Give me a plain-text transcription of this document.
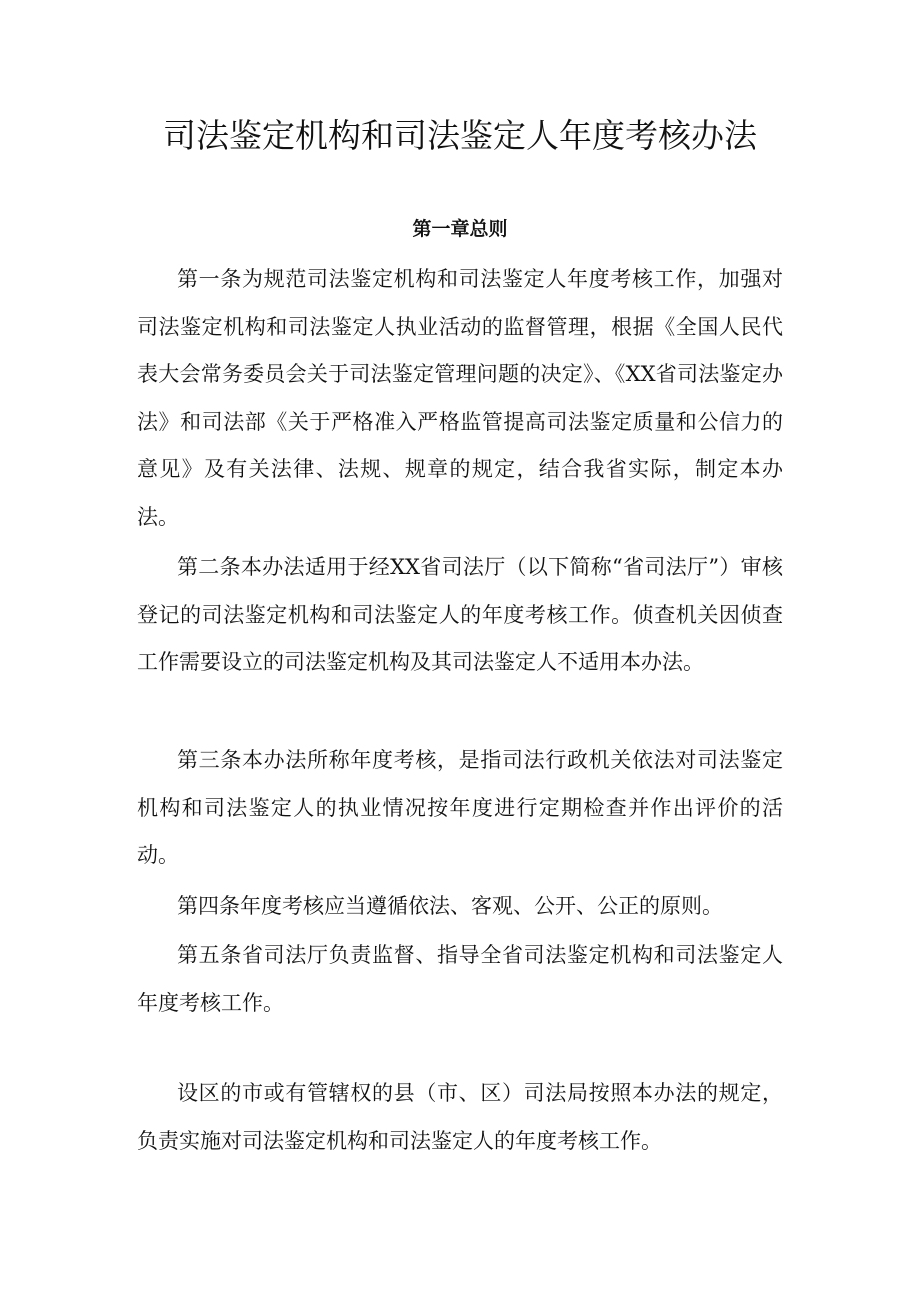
司法鉴定机构和司法鉴定人年度考核办法
第一章总则

第一条为规范司法鉴定机构和司法鉴定人年度考核工作，加强对司法鉴定机构和司法鉴定人执业活动的监督管理，根据《全国人民代表大会常务委员会关于司法鉴定管理问题的决定》、《XX省司法鉴定办法》和司法部《关于严格准入严格监管提高司法鉴定质量和公信力的意见》及有关法律、法规、规章的规定，结合我省实际，制定本办法。

第二条本办法适用于经XX省司法厅（以下简称“省司法厅”）审核登记的司法鉴定机构和司法鉴定人的年度考核工作。侦查机关因侦查工作需要设立的司法鉴定机构及其司法鉴定人不适用本办法。

第三条本办法所称年度考核，是指司法行政机关依法对司法鉴定机构和司法鉴定人的执业情况按年度进行定期检查并作出评价的活动。

第四条年度考核应当遵循依法、客观、公开、公正的原则。

第五条省司法厅负责监督、指导全省司法鉴定机构和司法鉴定人年度考核工作。

设区的市或有管辖权的县（市、区）司法局按照本办法的规定，负责实施对司法鉴定机构和司法鉴定人的年度考核工作。
